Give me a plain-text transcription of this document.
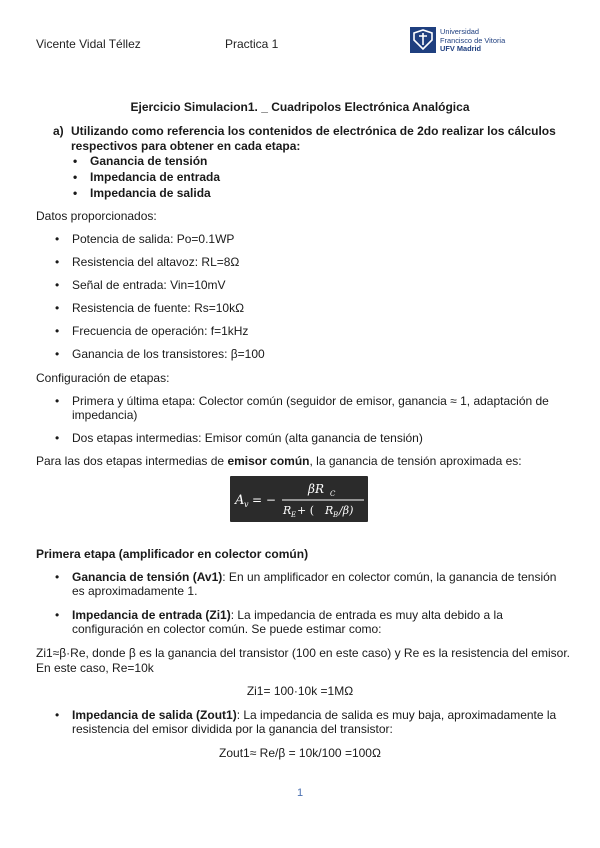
Vicente Vidal Téllez	Practica 1
Universidad
Francisco de Vitoria
UFV Madrid
Ejercicio Simulacion1. _ Cuadripolos Electrónica Analógica
a) Utilizando como referencia los contenidos de electrónica de 2do realizar los cálculos respectivos para obtener en cada etapa:
• Ganancia de tensión
• Impedancia de entrada
• Impedancia de salida
Datos proporcionados:
• Potencia de salida: Po=0.1WP
• Resistencia del altavoz: RL=8Ω
• Señal de entrada: Vin=10mV
• Resistencia de fuente: Rs=10kΩ
• Frecuencia de operación: f=1kHz
• Ganancia de los transistores: β=100
Configuración de etapas:
• Primera y última etapa: Colector común (seguidor de emisor, ganancia ≈ 1, adaptación de impedancia)
• Dos etapas intermedias: Emisor común (alta ganancia de tensión)
Para las dos etapas intermedias de emisor común, la ganancia de tensión aproximada es:
A v = −
βR C
R E + ( R B /β)
Primera etapa (amplificador en colector común)
• Ganancia de tensión (Av1): En un amplificador en colector común, la ganancia de tensión es aproximadamente 1.
• Impedancia de entrada (Zi1): La impedancia de entrada es muy alta debido a la configuración en colector común. Se puede estimar como:
Zi1≈β·Re, donde β es la ganancia del transistor (100 en este caso) y Re es la resistencia del emisor. En este caso, Re=10k
Zi1= 100·10k =1MΩ
• Impedancia de salida (Zout1): La impedancia de salida es muy baja, aproximadamente la resistencia del emisor dividida por la ganancia del transistor:
Zout1≈ Re/β = 10k/100 =100Ω
1
